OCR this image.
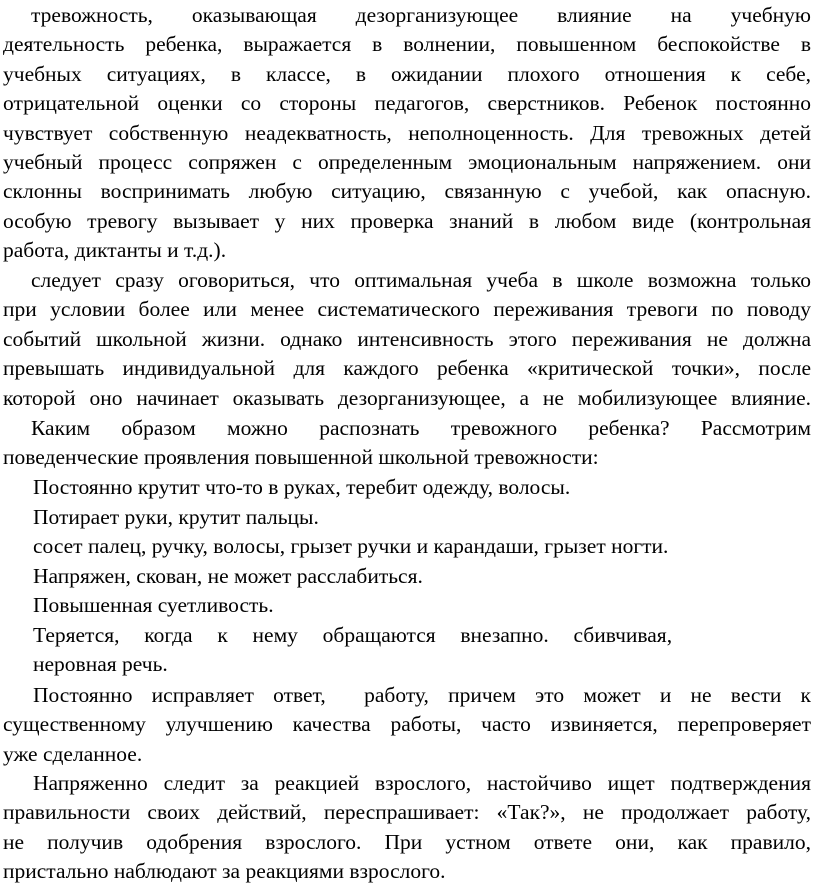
тревожность, оказывающая дезорганизующее влияние на учебную
деятельность ребенка, выражается в волнении, повышенном беспокойстве в
учебных ситуациях, в классе, в ожидании плохого отношения к себе,
отрицательной оценки со стороны педагогов, сверстников. Ребенок постоянно
чувствует собственную неадекватность, неполноценность. Для тревожных детей
учебный процесс сопряжен с определенным эмоциональным напряжением. они
склонны воспринимать любую ситуацию, связанную с учебой, как опасную.
особую тревогу вызывает у них проверка знаний в любом виде (контрольная
работа, диктанты и т.д.).
следует сразу оговориться, что оптимальная учеба в школе возможна только
при условии более или менее систематического переживания тревоги по поводу
событий школьной жизни. однако интенсивность этого переживания не должна
превышать индивидуальной для каждого ребенка «критической точки», после
которой оно начинает оказывать дезорганизующее, а не мобилизующее влияние.
Каким образом можно распознать тревожного ребенка? Рассмотрим
поведенческие проявления повышенной школьной тревожности:
Постоянно крутит что-то в руках, теребит одежду, волосы.
Потирает руки, крутит пальцы.
сосет палец, ручку, волосы, грызет ручки и карандаши, грызет ногти.
Напряжен, скован, не может расслабиться.
Повышенная суетливость.
Теряется,  когда  к  нему  обращаются  внезапно.  сбивчивая,
неровная речь.
Постоянно исправляет ответ,  работу, причем это может и не вести к
существенному улучшению качества работы, часто извиняется, перепроверяет
уже сделанное.
Напряженно следит за реакцией взрослого, настойчиво ищет подтверждения
правильности своих действий, переспрашивает: «Так?», не продолжает работу,
не получив одобрения взрослого. При устном ответе они, как правило,
пристально наблюдают за реакциями взрослого.
